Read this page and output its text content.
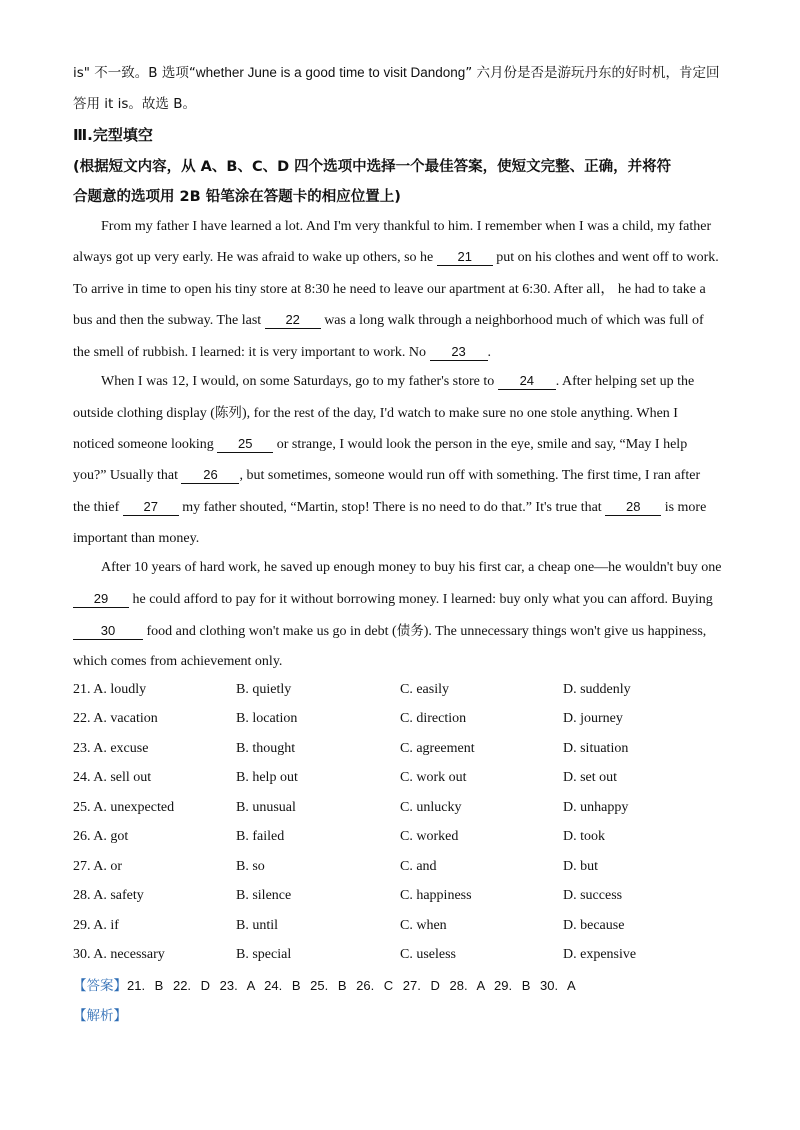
is" 不一致。B 选项“whether June is a good time to visit Dandong” 六月份是否是游玩丹东的好时机，肯定回
答用 it is。故选 B。
Ⅲ.完型填空
(根据短文内容，从 A、B、C、D 四个选项中选择一个最佳答案，使短文完整、正确，并将符
合题意的选项用 2B 铅笔涂在答题卡的相应位置上)
From my father I have learned a lot. And I'm very thankful to him. I remember when I was a child, my father
always got up very early. He was afraid to wake up others, so he 21 put on his clothes and went off to work.
To arrive in time to open his tiny store at 8:30 he need to leave our apartment at 6:30. After all， he had to take a
bus and then the subway. The last 22 was a long walk through a neighborhood much of which was full of
the smell of rubbish. I learned: it is very important to work. No 23 .
When I was 12, I would, on some Saturdays, go to my father's store to 24 . After helping set up the
outside clothing display (陈列), for the rest of the day, I'd watch to make sure no one stole anything. When I
noticed someone looking 25 or strange, I would look the person in the eye, smile and say, “May I help
you?” Usually that 26 , but sometimes, someone would run off with something. The first time, I ran after
the thief 27 my father shouted, “Martin, stop! There is no need to do that.” It's true that 28 is more
important than money.
After 10 years of hard work, he saved up enough money to buy his first car, a cheap one—he wouldn't buy one
29 he could afford to pay for it without borrowing money. I learned: buy only what you can afford. Buying
30 food and clothing won't make us go in debt (债务). The unnecessary things won't give us happiness,
which comes from achievement only.
21. A. loudly	B. quietly	C. easily	D. suddenly
22. A. vacation	B. location	C. direction	D. journey
23. A. excuse	B. thought	C. agreement	D. situation
24. A. sell out	B. help out	C. work out	D. set out
25. A. unexpected	B. unusual	C. unlucky	D. unhappy
26. A. got	B. failed	C. worked	D. took
27. A. or	B. so	C. and	D. but
28. A. safety	B. silence	C. happiness	D. success
29. A. if	B. until	C. when	D. because
30. A. necessary	B. special	C. useless	D. expensive
【答案】21. B 22. D 23. A 24. B 25. B 26. C 27. D 28. A 29. B 30. A
【解析】
